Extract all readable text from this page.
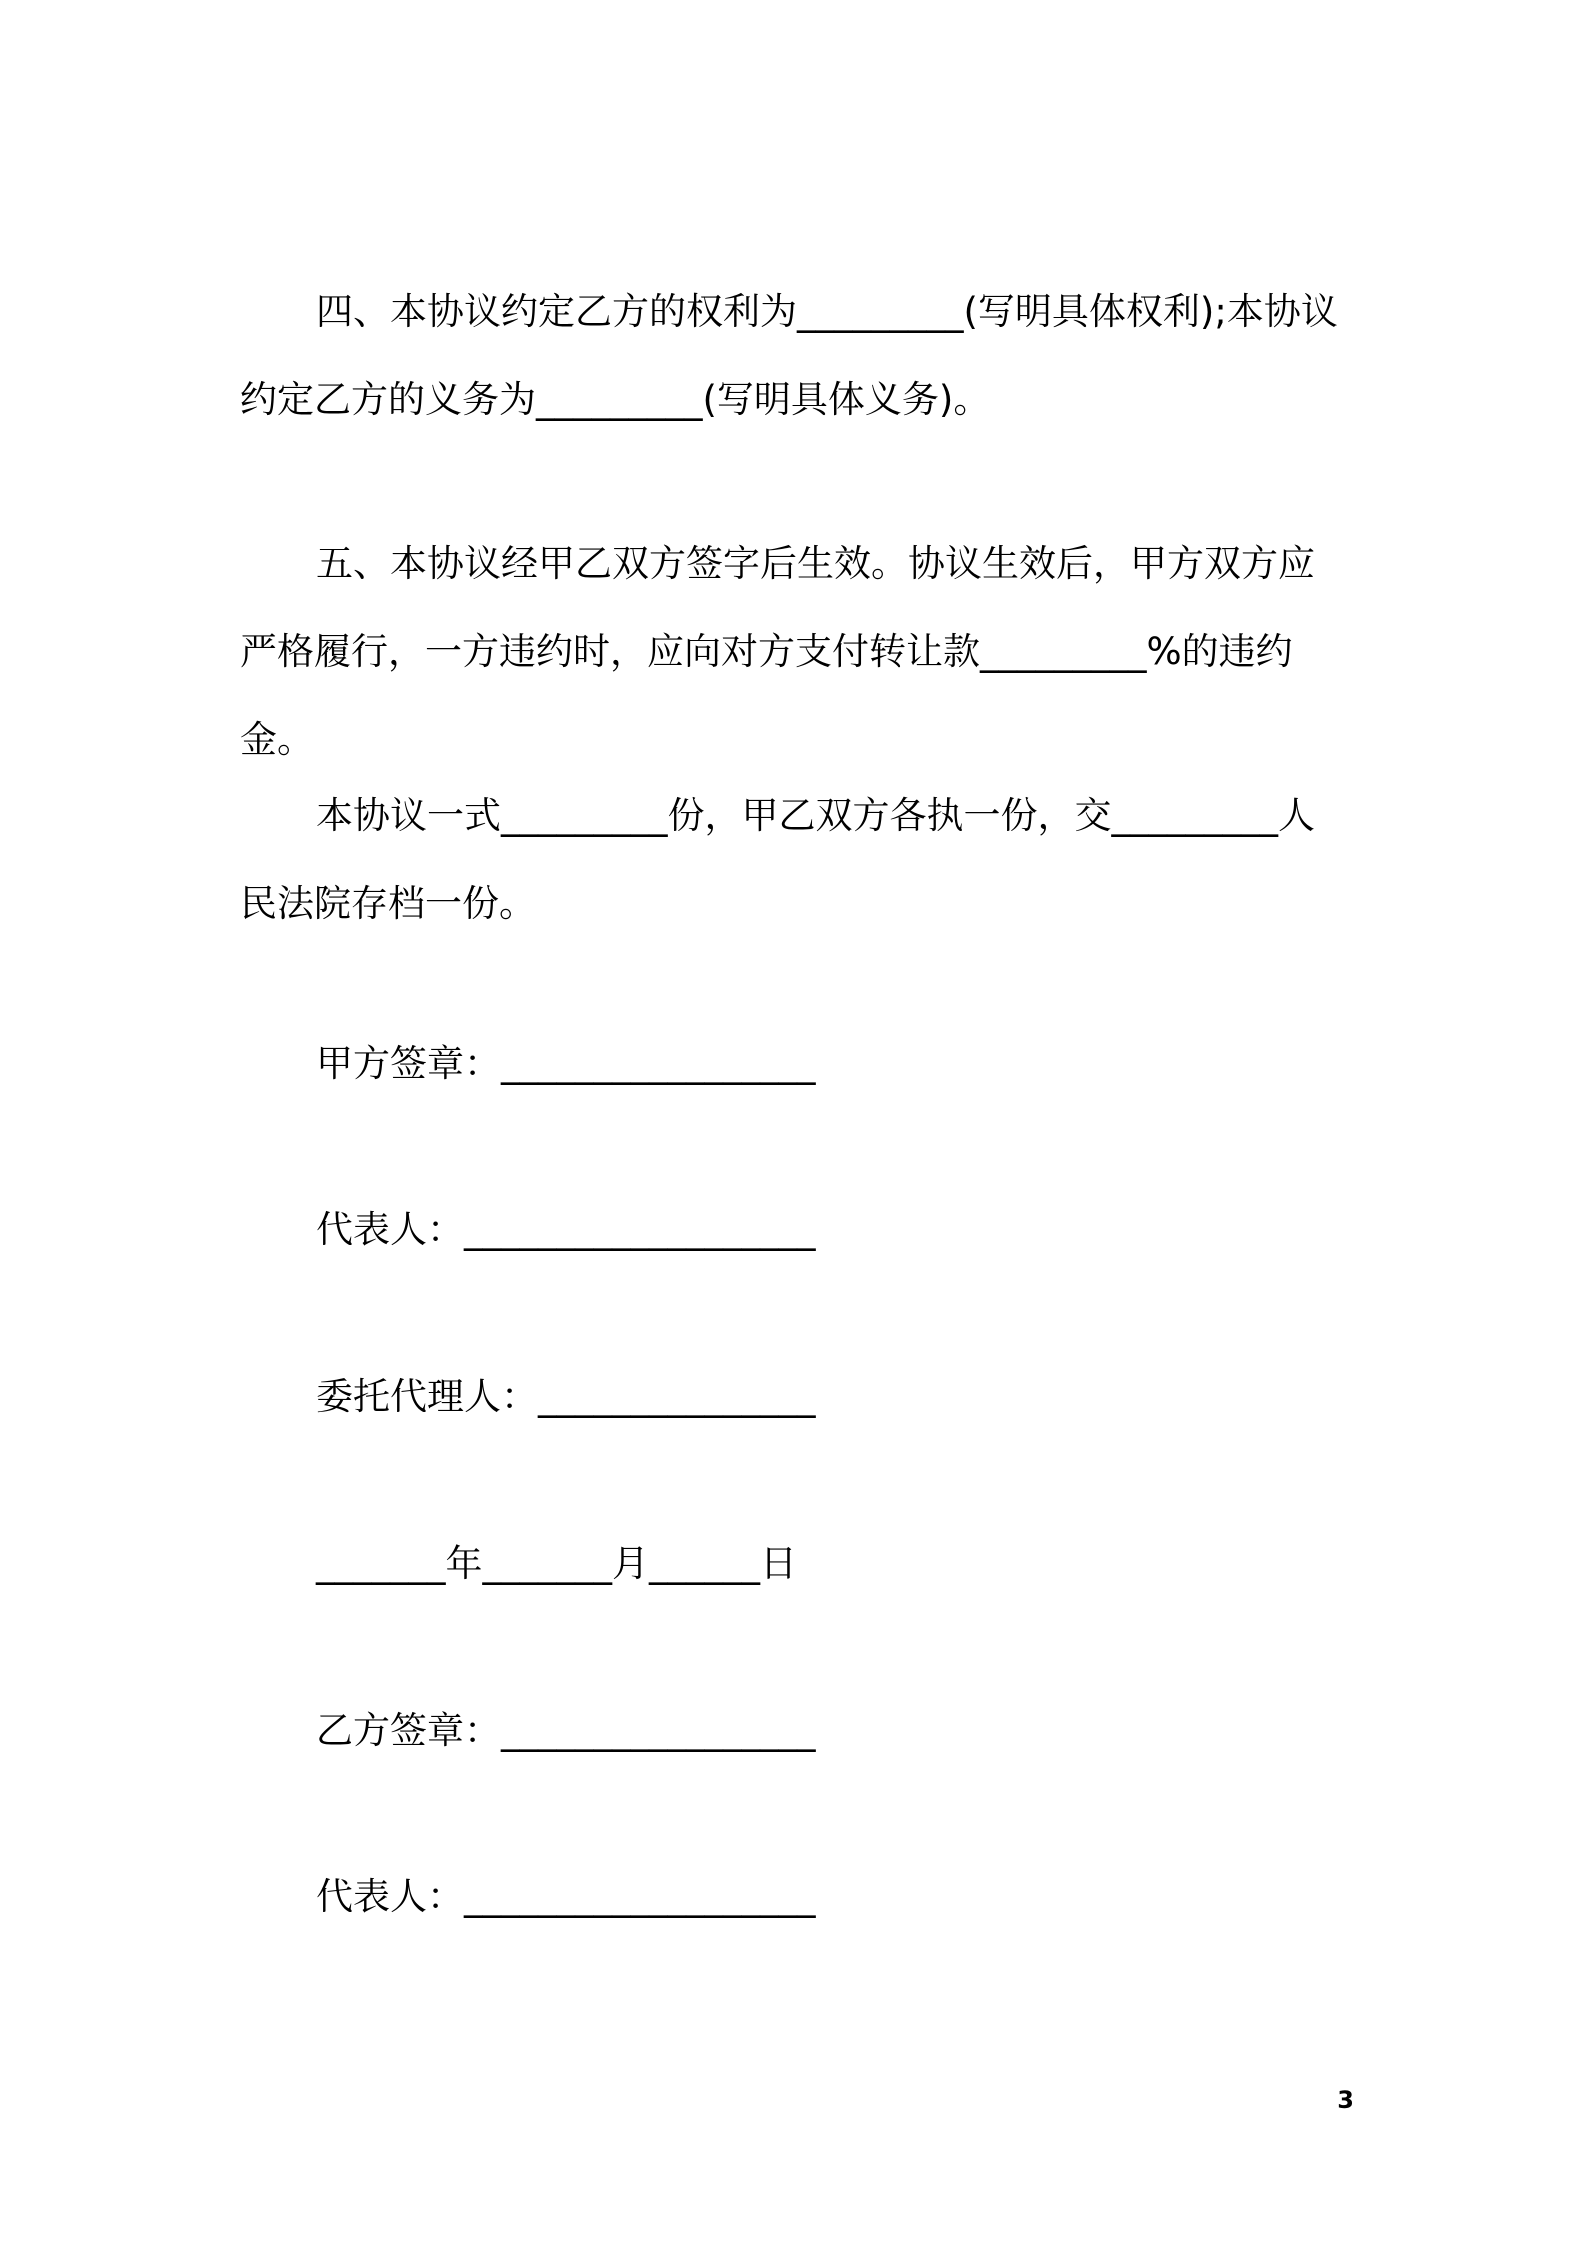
四、本协议约定乙方的权利为_________(写明具体权利);本协议约定乙方的义务为_________(写明具体义务)。

五、本协议经甲乙双方签字后生效。协议生效后，甲方双方应严格履行，一方违约时，应向对方支付转让款_________%的违约金。

本协议一式_________份，甲乙双方各执一份，交_________人民法院存档一份。

甲方签章：_________________

代表人：___________________

委托代理人：_______________

_______年_______月______日

乙方签章：_________________

代表人：___________________

3
